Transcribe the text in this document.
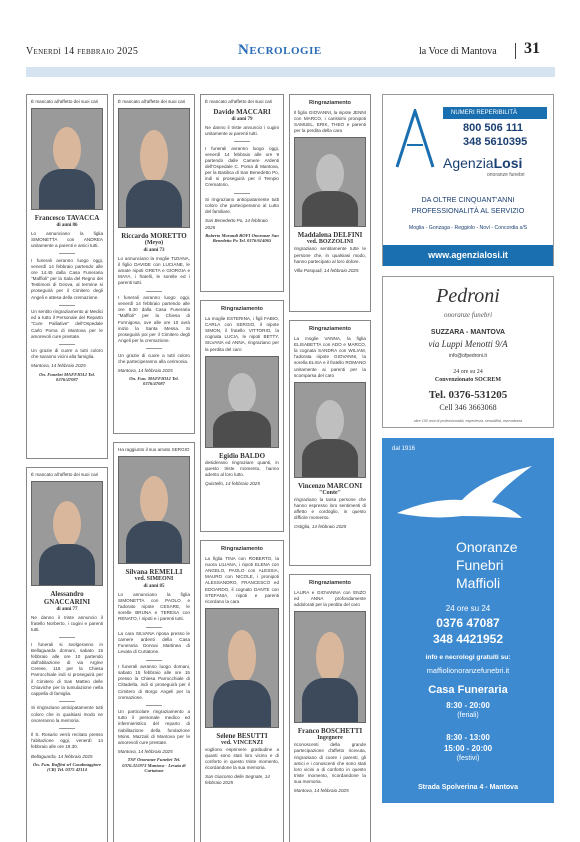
Venerdì 14 febbraio 2025	Necrologie	la Voce di Mantova 31
È mancato all'affetto dei suoi cari
Francesco TAVACCA
di anni 86
Lo annunciano la figlia SIMONETTA con ANDREA unitamente a parenti e amici tutti.
I funerali avranno luogo oggi, venerdì 14 febbraio partendo alle ore 14.45 dalla Casa Funeraria "Maffioli" per la Sala del Regno dei Testimoni di Geova, al termine si proseguirà per il Cimitero degli Angeli e attesa della cremazione.
Un sentito ringraziamento ai Medici ed a tutto il Personale del Reparto "Cure Palliative" dell'Ospedale Carlo Poma di Mantova per le amorevoli cure prestate.
Un grazie di cuore a tutti coloro che saranno vicini alla famiglia.
Mantova, 14 febbraio 2025
On. Funebri MAFFIOLI Tel. 0376/47087
È mancato all'affetto dei suoi cari
Alessandro GNACCARINI
di anni 77
Ne danno il triste annuncio il fratello Norberto, i cugini e parenti tutti.
I funerali si svolgeranno in Bellaguarda domani, sabato 15 febbraio alle ore 10 partendo dall'abitazione di via Argine Cerese, 116 per la Chiesa Parrocchiale indi si proseguirà per il Cimitero di San Matteo delle Chiaviche per la tumulazione nella cappella di famiglia.
Si ringraziano anticipatamente tutti coloro che in qualsiasi modo ne onoreranno la memoria.
Il S. Rosario verrà recitato presso l'abitazione oggi, venerdì 14 febbraio alle ore 19.30.
Bellaguarda, 14 febbraio 2025
On. Fun. Ruffini srl Casalmaggiore (CR) Tel. 0375 42114
È mancato all'affetto dei suoi cari
Riccardo MORETTO
(Meyo)
di anni 73
Lo annunciano la moglie TIZIANA, il figlio DAVIDE con LUCIANE, le amate nipoti GRETA e GIORGIA e MAYA, i fratelli, le sorelle ed i parenti tutti.
I funerali avranno luogo oggi, venerdì 14 febbraio partendo alle ore 8.30 dalla Casa Funeraria "Maffioli" per la Chiesa di Formigosa, ove alle ore 10 avrà inizio la Santa Messa. Si proseguirà poi per il Cimitero degli Angeli per la cremazione.
Un grazie di cuore a tutti coloro che parteciperanno alla cerimonia.
Mantova, 14 febbraio 2025
On. Fun. MAFFIOLI Tel. 0376/47087
Ha raggiunto il suo amato SERGIO
Silvana REMELLI
ved. SIMEONI
di anni 85
Lo annunciano la figlia SIMONETTA con PAOLO e l'adorato nipote CESARE, le sorelle BRUNA e TERESA con RENATO, i nipoti e i parenti tutti.
La cara SILVANA riposa presso le camere ardenti della Casa Funeraria Donnai Martinea di Levata di Curtatone.
I funerali avranno luogo domani, sabato 15 febbraio alle ore 15 presso la Chiesa Parrocchiale di Cittadella, indi si proseguirà per il Cimitero di Borgo Angeli per la cremazione.
Un particolare ringraziamento a tutto il personale medico ed infermieristico del reparto di riabilitazione della fondazione Mons. Mazzali di Mantova per le amorevoli cure prestate.
Mantova, 14 febbraio 2025
TSF Onoranze Funebri Tel. 0376.315973 Mantova - Levata di Curtatone
È mancato all'affetto dei suoi cari
Davide MACCARI
di anni 79
Ne danno il triste annuncio i cugini unitamente ai parenti tutti.
I funerali avranno luogo oggi, venerdì 14 febbraio alle ore 9 partendo dalle Camere Ardenti dell'Ospedale C. Poma di Mantova, per la Basilica di San Benedetto Po, indi si proseguirà per il Tempio Crematorio.
Si ringraziano anticipatamente tutti coloro che parteciperanno al Lutto del familiare.
San Benedetto Po, 14 febbraio 2025
Roberto Morandi BOFI Onoranze San Benedetto Po Tel. 0376/614065
Ringraziamento
La moglie ESTERINA, i figli FABIO, CARLA con SERGIO, il nipote SIMON, il fratello VITTORIO, la cognata LUCIA, le nipoti BETTY, SILVANA ed ANNA, ringraziano per la perdita del caro
Egidio BALDO
desiderano ringraziare quanti, in questo triste momento, hanno aderito al loro lutto.
Quistello, 14 febbraio 2025
Ringraziamento
La figlia TINA con ROBERTO, la nuora LILIANA, i nipoti ELENA con ANGELO, PAOLO con ALESSIA, MAURO con NICOLE, i pronipoti ALESSANDRO, FRANCESCO ed EDOARDO, il cognato DANTE con STEFANIA, nipoti e parenti ricordano la cara
Selene BESUTTI
ved. VINCENZI
vogliono esprimere gratitudine a quanti sono stati loro vicino e di conforto in questo triste momento, ricordandone la sua memoria.
San Giacomo delle Segnate, 14 febbraio 2025
Ringraziamento
Il figlio GIOVANNI, la nipote JENNI con MARCO, i carissimi pronipoti SAMUEL, ERIK, THEO e parenti per la perdita della cara
Maddalena DELFINI
ved. BOZZOLINI
ringraziano sentitamente tutte le persone che, in qualsiasi modo, hanno partecipato al loro dolore.
Villa Pasquali, 14 febbraio 2025
Ringraziamento
La moglie VANNA, la figlia ELISABETTA con ADO e MARCO, la cognata SANDRA con WILIAM, l'adorata nipote GIOVANNI, la sorella ELISA e il fratello ROMANO unitamente ai parenti per la scomparsa del caro
Vincenzo MARCONI
"Conte"
ringraziano la tanta persone che hanno espresso loro sentimenti di affetto e cordoglio, in questo difficile momento.
Ostiglia, 14 febbraio 2025
Ringraziamento
LAURA e GIOVANNA con ENZO ed ANNA profondamente addolorati per la perdita del caro
Franco BOSCHETTI
Ingegnere
riconoscenti della grande partecipazione d'affetto ricevuta, ringraziano di cuore i parenti, gli amici e i conoscenti che sono stati loro vicini a di conforto in questo triste momento, ricordandone la sua memoria.
Mantova, 14 febbraio 2025
NUMERI REPERIBILITÀ
800 506 111
348 5610395
AgenziaLosi
onoranze funebri
DA OLTRE CINQUANT'ANNI
PROFESSIONALITÀ AL SERVIZIO
Moglia - Gonzaga - Reggiolo - Novi - Concordia s/S
www.agenzialosi.it
Pedroni
onoranze funebri
SUZZARA - MANTOVA
via Luppi Menotti 9/A
info@ofpedroni.it
24 ore su 24
Convenzionato SOCREM
Tel. 0376-531205
Cell 346 3663068
oltre 150 anni di professionalità, esperienza, sensibilità, riservatezza
dal 1916
Onoranze
Funebri
Maffioli
24 ore su 24
0376 47087
348 4421952
info e necrologi gratuiti su:
maffiolionoranzefunebri.it
Casa Funeraria
8:30 - 20:00
(feriali)
8:30 - 13:00
15:00 - 20:00
(festivi)
Strada Spolverina 4 - Mantova
